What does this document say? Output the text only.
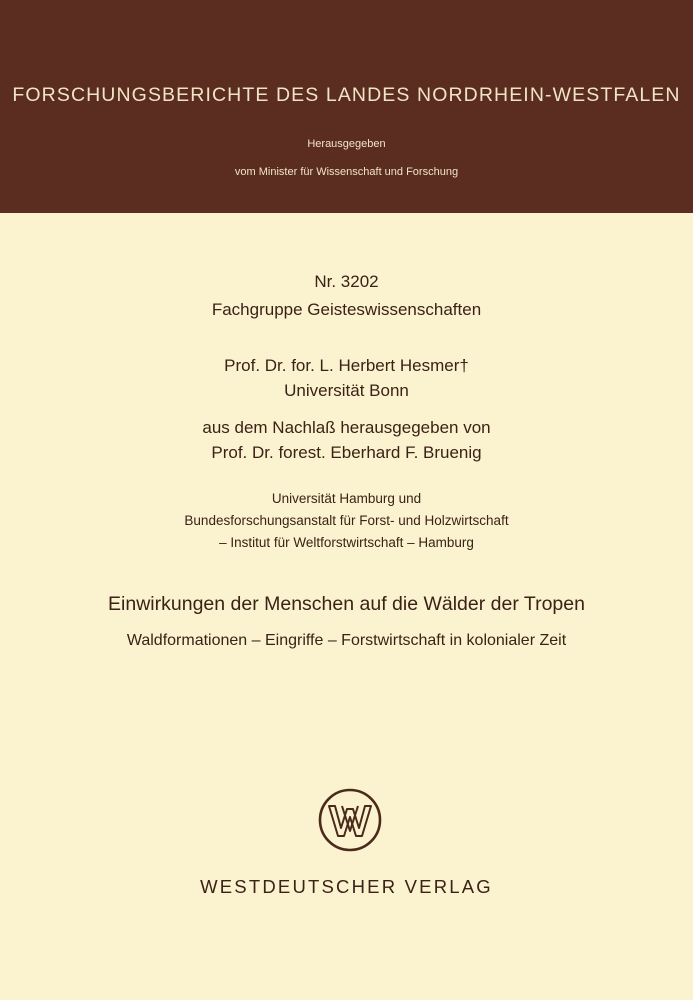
FORSCHUNGSBERICHTE DES LANDES NORDRHEIN-WESTFALEN
Herausgegeben
vom Minister für Wissenschaft und Forschung
Nr. 3202
Fachgruppe Geisteswissenschaften
Prof. Dr. for. L. Herbert Hesmer†
Universität Bonn
aus dem Nachlaß herausgegeben von
Prof. Dr. forest. Eberhard F. Bruenig
Universität Hamburg und
Bundesforschungsanstalt für Forst- und Holzwirtschaft
– Institut für Weltforstwirtschaft – Hamburg
Einwirkungen der Menschen auf die Wälder der Tropen
Waldformationen – Eingriffe – Forstwirtschaft in kolonialer Zeit
WESTDEUTSCHER VERLAG
